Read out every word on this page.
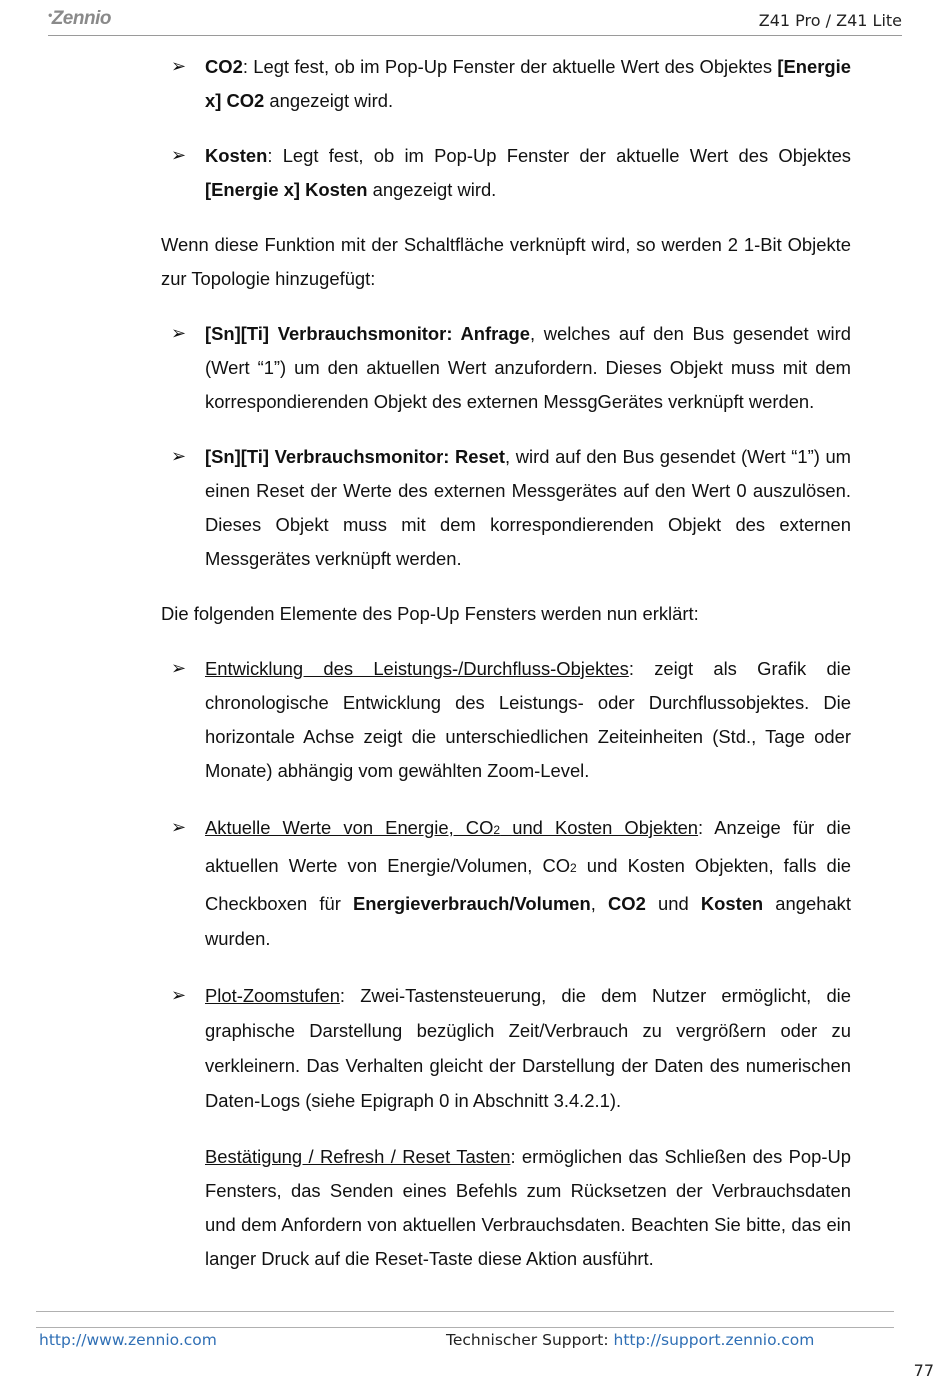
•Zennio	Z41 Pro / Z41 Lite
➢ CO2: Legt fest, ob im Pop-Up Fenster der aktuelle Wert des Objektes [Energie x] CO2 angezeigt wird.
➢ Kosten: Legt fest, ob im Pop-Up Fenster der aktuelle Wert des Objektes [Energie x] Kosten angezeigt wird.
Wenn diese Funktion mit der Schaltfläche verknüpft wird, so werden 2 1-Bit Objekte zur Topologie hinzugefügt:
➢ [Sn][Ti] Verbrauchsmonitor: Anfrage, welches auf den Bus gesendet wird (Wert “1”) um den aktuellen Wert anzufordern. Dieses Objekt muss mit dem korrespondierenden Objekt des externen MessgGerätes verknüpft werden.
➢ [Sn][Ti] Verbrauchsmonitor: Reset, wird auf den Bus gesendet (Wert “1”) um einen Reset der Werte des externen Messgerätes auf den Wert 0 auszulösen. Dieses Objekt muss mit dem korrespondierenden Objekt des externen Messgerätes verknüpft werden.
Die folgenden Elemente des Pop-Up Fensters werden nun erklärt:
➢ Entwicklung des Leistungs-/Durchfluss-Objektes: zeigt als Grafik die chronologische Entwicklung des Leistungs- oder Durchflussobjektes. Die horizontale Achse zeigt die unterschiedlichen Zeiteinheiten (Std., Tage oder Monate) abhängig vom gewählten Zoom-Level.
➢ Aktuelle Werte von Energie, CO2 und Kosten Objekten: Anzeige für die aktuellen Werte von Energie/Volumen, CO2 und Kosten Objekten, falls die Checkboxen für Energieverbrauch/Volumen, CO2 und Kosten angehakt wurden.
➢ Plot-Zoomstufen: Zwei-Tastensteuerung, die dem Nutzer ermöglicht, die graphische Darstellung bezüglich Zeit/Verbrauch zu vergrößern oder zu verkleinern. Das Verhalten gleicht der Darstellung der Daten des numerischen Daten-Logs (siehe Epigraph 0 in Abschnitt 3.4.2.1).
Bestätigung / Refresh / Reset Tasten: ermöglichen das Schließen des Pop-Up Fensters, das Senden eines Befehls zum Rücksetzen der Verbrauchsdaten und dem Anfordern von aktuellen Verbrauchsdaten. Beachten Sie bitte, das ein langer Druck auf die Reset-Taste diese Aktion ausführt.
http://www.zennio.com	Technischer Support: http://support.zennio.com
77
